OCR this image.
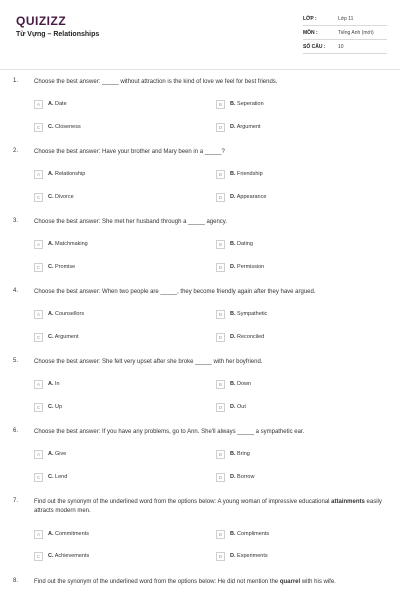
QUIZIZZ
Từ Vựng – Relationships
LỚP :	Lớp 11
MÔN :	Tiếng Anh (mới)
SỐ CÂU :	10
1.	Choose the best answer: _____ without attraction is the kind of love we feel for best friends.
A	A. Date	B	B. Seperation
C	C. Closeness	D	D. Argument
2.	Choose the best answer: Have your brother and Mary been in a _____?
A	A. Relationship	B	B. Friendship
C	C. Divorce	D	D. Appearance
3.	Choose the best answer: She met her husband through a _____ agency.
A	A. Matchmaking	B	B. Dating
C	C. Promise	D	D. Permission
4.	Choose the best answer: When two people are _____, they become friendly again after they have argued.
A	A. Counsellors	B	B. Sympathetic
C	C. Argument	D	D. Reconciled
5.	Choose the best answer: She felt very upset after she broke _____ with her boyfriend.
A	A. In	B	B. Down
C	C. Up	D	D. Out
6.	Choose the best answer: If you have any problems, go to Ann. She'll always _____ a sympathetic ear.
A	A. Give	B	B. Bring
C	C. Lend	D	D. Borrow
7.	Find out the synonym of the underlined word from the options below: A young woman of impressive educational attainments easily attracts modern men.
A	A. Commitments	B	B. Compliments
C	C. Achievements	D	D. Experiments
8.	Find out the synonym of the underlined word from the options below: He did not mention the quarrel with his wife.
